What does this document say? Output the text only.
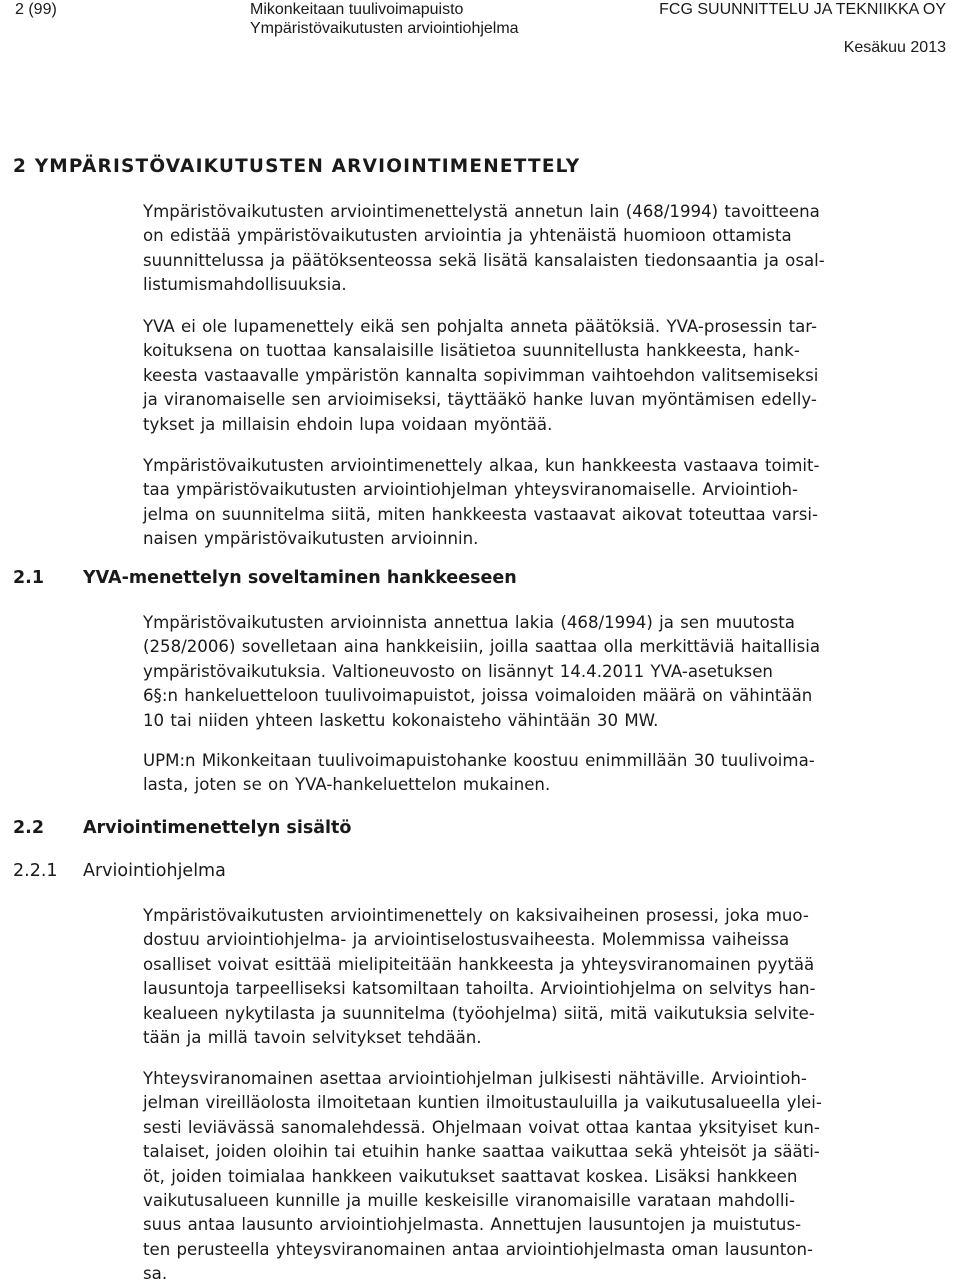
2 (99)	Mikonkeitaan tuulivoimapuisto
Ympäristövaikutusten arviointiohjelma
FCG SUUNNITTELU JA TEKNIIKKA OY
Kesäkuu 2013
2 YMPÄRISTÖVAIKUTUSTEN ARVIOINTIMENETTELY

Ympäristövaikutusten arviointimenettelystä annetun lain (468/1994) tavoitteena
on edistää ympäristövaikutusten arviointia ja yhtenäistä huomioon ottamista
suunnittelussa ja päätöksenteossa sekä lisätä kansalaisten tiedonsaantia ja osal-
listumismahdollisuuksia.

YVA ei ole lupamenettely eikä sen pohjalta anneta päätöksiä. YVA-prosessin tar-
koituksena on tuottaa kansalaisille lisätietoa suunnitellusta hankkeesta, hank-
keesta vastaavalle ympäristön kannalta sopivimman vaihtoehdon valitsemiseksi
ja viranomaiselle sen arvioimiseksi, täyttääkö hanke luvan myöntämisen edelly-
tykset ja millaisin ehdoin lupa voidaan myöntää.

Ympäristövaikutusten arviointimenettely alkaa, kun hankkeesta vastaava toimit-
taa ympäristövaikutusten arviointiohjelman yhteysviranomaiselle. Arviointioh-
jelma on suunnitelma siitä, miten hankkeesta vastaavat aikovat toteuttaa varsi-
naisen ympäristövaikutusten arvioinnin.

2.1 YVA-menettelyn soveltaminen hankkeeseen

Ympäristövaikutusten arvioinnista annettua lakia (468/1994) ja sen muutosta
(258/2006) sovelletaan aina hankkeisiin, joilla saattaa olla merkittäviä haitallisia
ympäristövaikutuksia. Valtioneuvosto on lisännyt 14.4.2011 YVA-asetuksen
6§:n hankeluetteloon tuulivoimapuistot, joissa voimaloiden määrä on vähintään
10 tai niiden yhteen laskettu kokonaisteho vähintään 30 MW.

UPM:n Mikonkeitaan tuulivoimapuistohanke koostuu enimmillään 30 tuulivoima-
lasta, joten se on YVA-hankeluettelon mukainen.

2.2 Arviointimenettelyn sisältö
2.2.1 Arviointiohjelma

Ympäristövaikutusten arviointimenettely on kaksivaiheinen prosessi, joka muo-
dostuu arviointiohjelma- ja arviointiselostusvaiheesta. Molemmissa vaiheissa
osalliset voivat esittää mielipiteitään hankkeesta ja yhteysviranomainen pyytää
lausuntoja tarpeelliseksi katsomiltaan tahoilta. Arviointiohjelma on selvitys han-
kealueen nykytilasta ja suunnitelma (työohjelma) siitä, mitä vaikutuksia selvite-
tään ja millä tavoin selvitykset tehdään.

Yhteysviranomainen asettaa arviointiohjelman julkisesti nähtäville. Arviointioh-
jelman vireilläolosta ilmoitetaan kuntien ilmoitustauluilla ja vaikutusalueella ylei-
sesti leviävässä sanomalehdessä. Ohjelmaan voivat ottaa kantaa yksityiset kun-
talaiset, joiden oloihin tai etuihin hanke saattaa vaikuttaa sekä yhteisöt ja sääti-
öt, joiden toimialaa hankkeen vaikutukset saattavat koskea. Lisäksi hankkeen
vaikutusalueen kunnille ja muille keskeisille viranomaisille varataan mahdolli-
suus antaa lausunto arviointiohjelmasta. Annettujen lausuntojen ja muistutus-
ten perusteella yhteysviranomainen antaa arviointiohjelmasta oman lausunton-
sa.
